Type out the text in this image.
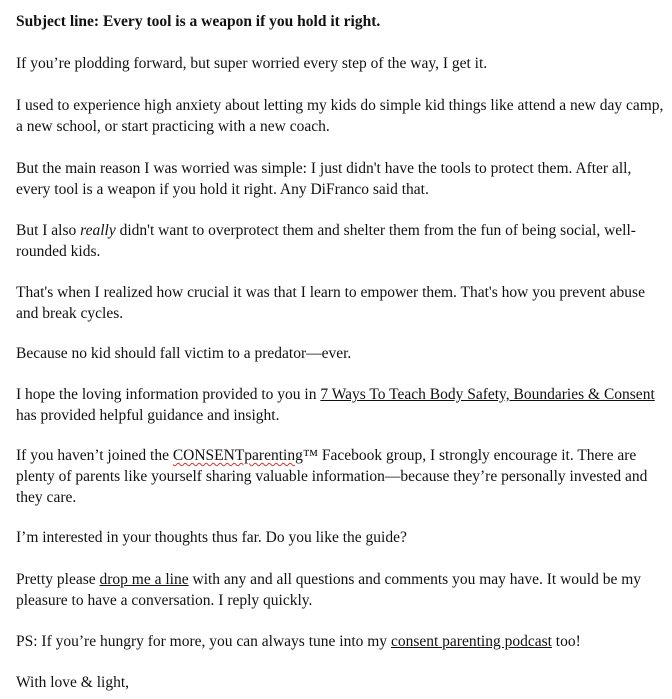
Subject line: Every tool is a weapon if you hold it right.

If you’re plodding forward, but super worried every step of the way, I get it.

I used to experience high anxiety about letting my kids do simple kid things like attend a new day camp, a new school, or start practicing with a new coach.

But the main reason I was worried was simple: I just didn't have the tools to protect them. After all, every tool is a weapon if you hold it right. Any DiFranco said that.

But I also really didn't want to overprotect them and shelter them from the fun of being social, well-rounded kids.

That's when I realized how crucial it was that I learn to empower them. That's how you prevent abuse and break cycles.

Because no kid should fall victim to a predator—ever.

I hope the loving information provided to you in 7 Ways To Teach Body Safety, Boundaries & Consent has provided helpful guidance and insight.

If you haven’t joined the CONSENTparenting™ Facebook group, I strongly encourage it. There are plenty of parents like yourself sharing valuable information—because they’re personally invested and they care.

I’m interested in your thoughts thus far. Do you like the guide?

Pretty please drop me a line with any and all questions and comments you may have. It would be my pleasure to have a conversation. I reply quickly.

PS: If you’re hungry for more, you can always tune into my consent parenting podcast too!

With love & light,
